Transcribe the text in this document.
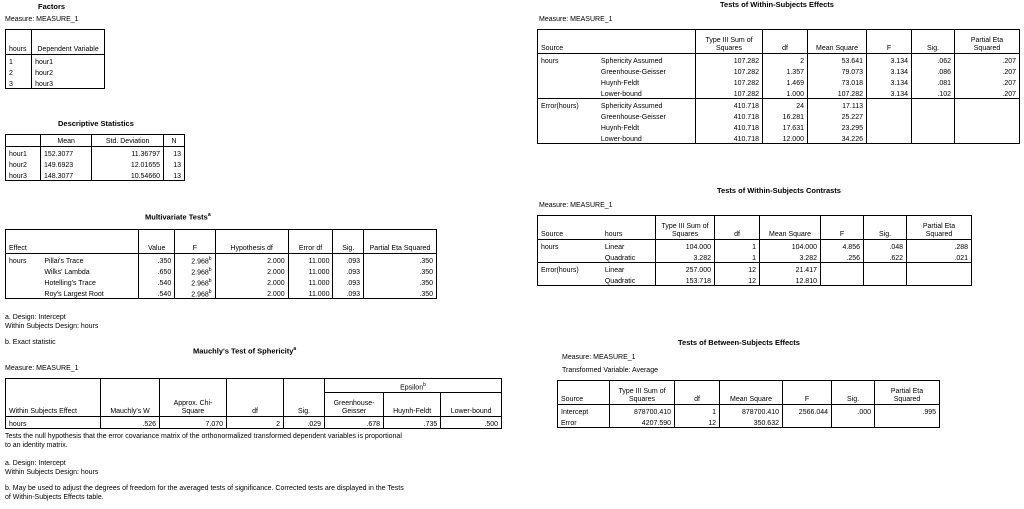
Factors
Measure: MEASURE_1
hours	Dependent Variable
1	hour1
2	hour2
3	hour3
Descriptive Statistics
	Mean	Std. Deviation	N
hour1	152.3077	11.36797	13
hour2	149.6923	12.01655	13
hour3	148.3077	10.54660	13
Multivariate Tests$^a$
Effect		Value	F	Hypothesis df	Error df	Sig.	Partial Eta Squared
hours	Pillai's Trace	.350	2.968$^b$	2.000	11.000	.093	.350
	Wilks' Lambda	.650	2.968$^b$	2.000	11.000	.093	.350
	Hotelling's Trace	.540	2.968$^b$	2.000	11.000	.093	.350
	Roy's Largest Root	.540	2.968$^b$	2.000	11.000	.093	.350
a. Design: Intercept
Within Subjects Design: hours
b. Exact statistic
Mauchly's Test of Sphericity$^a$
Measure: MEASURE_1
					Epsilon$^b$

Within Subjects Effect	Mauchly's W	Approx. Chi-Square	df	Sig.	Greenhouse-Geisser	Huynh-Feldt	Lower-bound
hours	.526	7.070	2	.029	.678	.735	.500
Tests the null hypothesis that the error covariance matrix of the orthonormalized transformed dependent variables is proportional
to an identity matrix.
a. Design: Intercept
Within Subjects Design: hours
b. May be used to adjust the degrees of freedom for the averaged tests of significance. Corrected tests are displayed in the Tests
of Within-Subjects Effects table.
Tests of Within-Subjects Effects
Measure: MEASURE_1
Source		Type III Sum of Squares	df	Mean Square	F	Sig.	Partial Eta Squared
hours	Sphericity Assumed	107.282	2	53.641	3.134	.062	.207
	Greenhouse-Geisser	107.282	1.357	79.073	3.134	.086	.207
	Huynh-Feldt	107.282	1.469	73.018	3.134	.081	.207
	Lower-bound	107.282	1.000	107.282	3.134	.102	.207
Error(hours)	Sphericity Assumed	410.718	24	17.113			
	Greenhouse-Geisser	410.718	16.281	25.227			
	Huynh-Feldt	410.718	17.631	23.295			
	Lower-bound	410.718	12.000	34.226			
Tests of Within-Subjects Contrasts
Measure: MEASURE_1
Source	hours	Type III Sum of Squares	df	Mean Square	F	Sig.	Partial Eta Squared
hours	Linear	104.000	1	104.000	4.856	.048	.288
	Quadratic	3.282	1	3.282	.256	.622	.021
Error(hours)	Linear	257.000	12	21.417			
	Quadratic	153.718	12	12.810			
Tests of Between-Subjects Effects
Measure: MEASURE_1
Transformed Variable: Average
Source	Type III Sum of Squares	df	Mean Square	F	Sig.	Partial Eta Squared
Intercept	878700.410	1	878700.410	2566.044	.000	.995
Error	4207.590	12	350.632			
